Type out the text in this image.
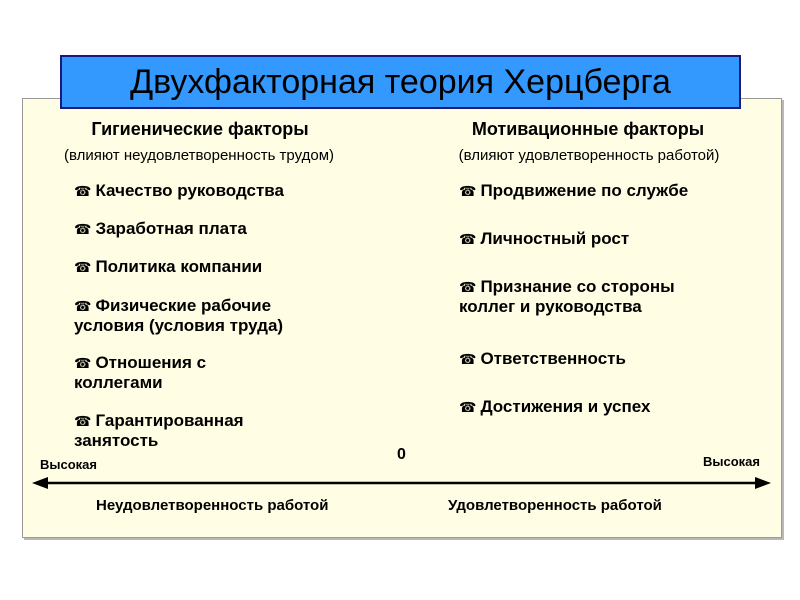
Двухфакторная теория Херцберга
Гигиенические факторы
(влияют неудовлетворенность трудом)
☎ Качество руководства
☎ Заработная плата
☎ Политика компании
☎ Физические рабочие
условия (условия труда)
☎ Отношения с
коллегами
☎ Гарантированная
занятость
Мотивационные факторы
(влияют удовлетворенность работой)
☎ Продвижение по службе
☎ Личностный рост
☎ Признание со стороны
коллег и руководства
☎ Ответственность
☎ Достижения и успех
0
Высокая	Высокая
Неудовлетворенность работой	Удовлетворенность работой
